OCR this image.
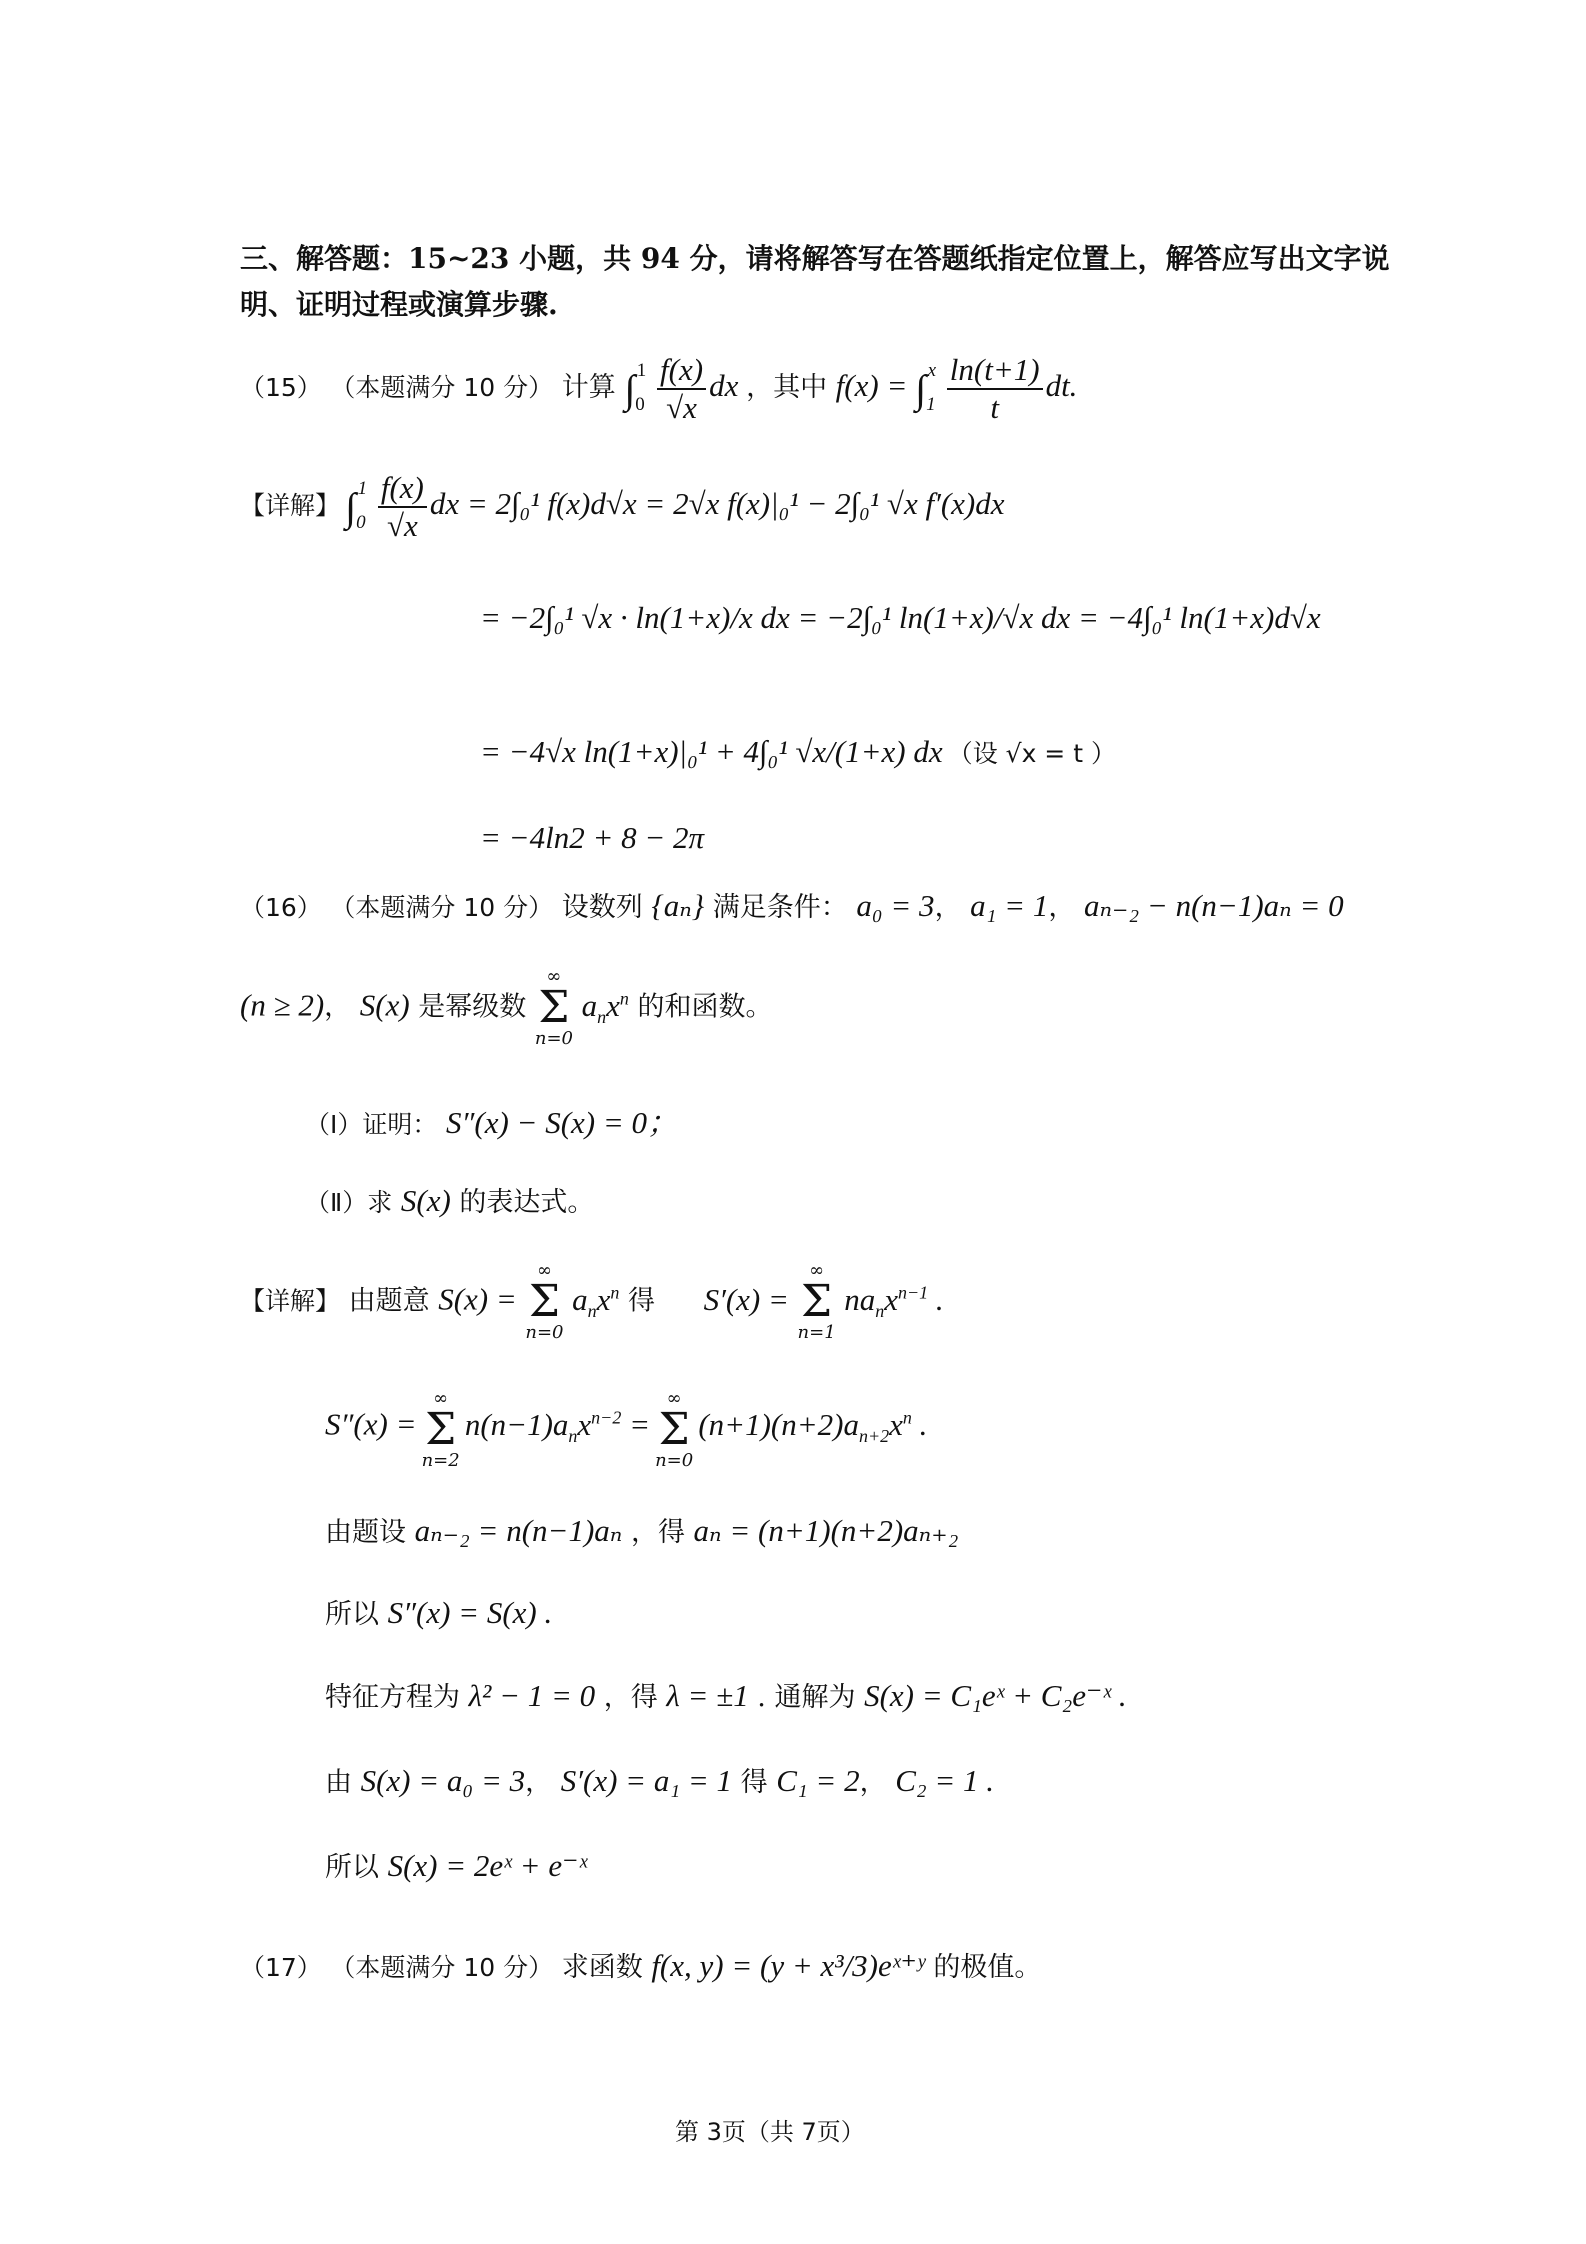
三、解答题：15~23 小题，共 94 分，请将解答写在答题纸指定位置上，解答应写出文字说
明、证明过程或演算步骤.
（15） （本题满分 10 分） 计算 $\int_0^1 \frac{f(x)}{√x}$ dx ，其中 $f(x) = \int_1^x \frac{\ln(t+1)}{t}$ dt.
【详解】 $\int_0^1 \frac{f(x)}{√x}$ dx = 2∫₀¹ f(x)d√x = 2√x f(x)|₀¹ − 2∫₀¹ √x f′(x)dx
= −2∫₀¹ √x · ln(1+x)/x dx = −2∫₀¹ ln(1+x)/√x dx = −4∫₀¹ ln(1+x)d√x
= −4√x ln(1+x)|₀¹ + 4∫₀¹ √x/(1+x) dx （设 √x = t ）
= −4ln2 + 8 − 2π
（16） （本题满分 10 分） 设数列 {aₙ} 满足条件： a₀ = 3， a₁ = 1， aₙ₋₂ − n(n−1)aₙ = 0
(n ≥ 2)， S(x) 是幂级数
∞
Σ
n=0
$a_nx^n$ 的和函数。
（Ⅰ）证明： S″(x) − S(x) = 0；
（Ⅱ）求 S(x) 的表达式。
【详解】 由题意 S(x) =
∞
Σ
n=0
$a_nx^n$ 得 S′(x) =
∞
Σ
n=1
$na_nx^{n-1}$ .
S″(x) =
∞
Σ
n=2
$n(n-1)a_nx^{n-2}$ =
∞
Σ
n=0
$(n+1)(n+2)a_{n+2}x^n$ .
由题设 aₙ₋₂ = n(n−1)aₙ ，得 aₙ = (n+1)(n+2)aₙ₊₂
所以 S″(x) = S(x) .
特征方程为 λ² − 1 = 0 ，得 λ = ±1 . 通解为 S(x) = C₁eˣ + C₂e⁻ˣ .
由 S(x) = a₀ = 3， S′(x) = a₁ = 1 得 C₁ = 2， C₂ = 1 .
所以 S(x) = 2eˣ + e⁻ˣ
（17） （本题满分 10 分） 求函数 f(x, y) = (y + x³/3)eˣ⁺ʸ 的极值。
第 3页（共 7页）
